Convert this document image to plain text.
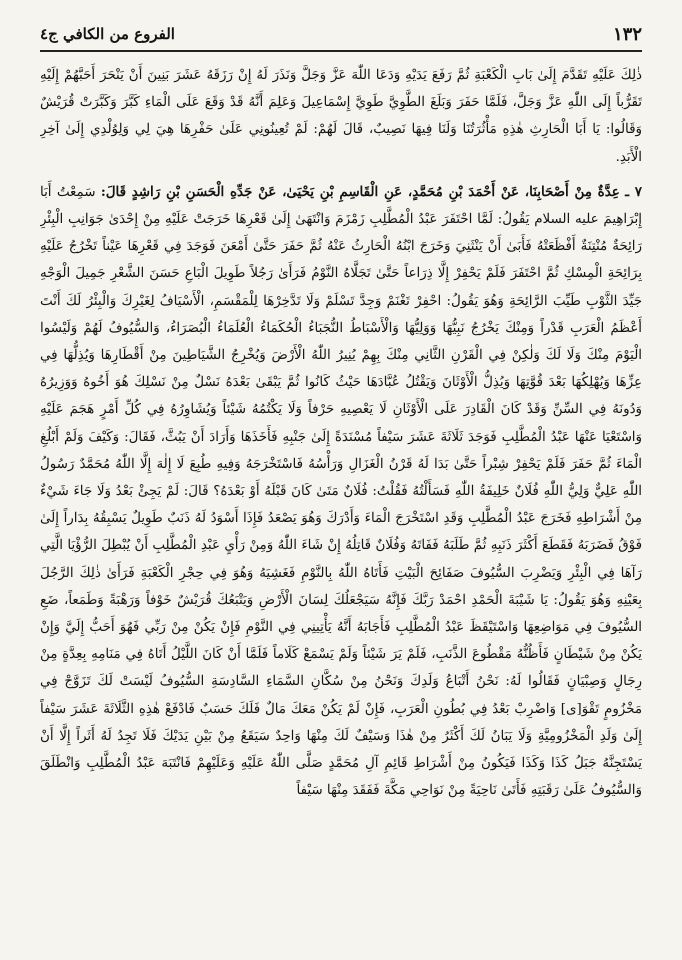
الفروع من الكافي ج٤	١٣٢

ذٰلِكَ عَلَيْهِ تَقَدَّمَ إِلَىٰ بَابِ الْكَعْبَةِ ثُمَّ رَفَعَ يَدَيْهِ وَدَعَا اللّٰهَ عَزَّ وَجَلَّ وَنَذَرَ لَهُ إِنْ رَزَقَهُ عَشَرَ بَنِينَ أَنْ يَنْحَرَ أَحَبَّهُمْ إِلَيْهِ تَقَرُّباً إِلَى اللّٰهِ عَزَّ وَجَلَّ، فَلَمَّا حَفَرَ وَبَلَغَ الطَّوِيَّ طَوِيَّ إِسْمَاعِيلَ وَعَلِمَ أَنَّهُ قَدْ وَقَعَ عَلَى الْمَاءِ كَبَّرَ وَكَبَّرَتْ قُرَيْشٌ وَقَالُوا: يَا أَبَا الْحَارِثِ هٰذِهِ مَأْثُرَتُنَا وَلَنَا فِيهَا نَصِيبٌ، قَالَ لَهُمْ: لَمْ تُعِينُونِي عَلَىٰ حَفْرِهَا هِيَ لِي وَلِوُلْدِي إِلَىٰ آخِرِ الْأَبَدِ.

٧ ـ عِدَّةٌ مِنْ أَصْحَابِنَا، عَنْ أَحْمَدَ بْنِ مُحَمَّدٍ، عَنِ الْقَاسِمِ بْنِ يَحْيَىٰ، عَنْ جَدِّهِ الْحَسَنِ بْنِ رَاشِدٍ قَالَ: سَمِعْتُ أَبَا إِبْرَاهِيمَ عليه السلام يَقُولُ: لَمَّا احْتَفَرَ عَبْدُ الْمُطَّلِبِ زَمْزَمَ وَانْتَهَىٰ إِلَىٰ قَعْرِهَا خَرَجَتْ عَلَيْهِ مِنْ إِحْدَىٰ جَوَانِبِ الْبِئْرِ رَائِحَةٌ مُنْتِنَةٌ أَفْظَعَتْهُ فَأَبَىٰ أَنْ يَنْثَنِيَ وَخَرَجَ ابْنُهُ الْحَارِثُ عَنْهُ ثُمَّ حَفَرَ حَتَّىٰ أَمْعَنَ فَوَجَدَ فِي قَعْرِهَا عَيْناً تَخْرُجُ عَلَيْهِ بِرَائِحَةِ الْمِسْكِ ثُمَّ احْتَفَرَ فَلَمْ يَحْفِرْ إِلَّا ذِرَاعاً حَتَّىٰ تَجَلَّاهُ النَّوْمُ فَرَأَىٰ رَجُلاً طَوِيلَ الْبَاعِ حَسَنَ الشَّعْرِ جَمِيلَ الْوَجْهِ جَيِّدَ الثَّوْبِ طَيِّبَ الرَّائِحَةِ وَهُوَ يَقُولُ: احْفِرْ تَغْنَمْ وَجِدَّ تَسْلَمْ وَلَا تَدَّخِرْهَا لِلْمَقْسَمِ، الْأَسْيَافُ لِغَيْرِكَ وَالْبِئْرُ لَكَ أَنْتَ أَعْظَمُ الْعَرَبِ قَدْراً وَمِنْكَ يَخْرُجُ نَبِيُّهَا وَوَلِيُّهَا وَالْأَسْبَاطُ النُّجَبَاءُ الْحُكَمَاءُ الْعُلَمَاءُ الْبُصَرَاءُ، وَالسُّيُوفُ لَهُمْ وَلَيْسُوا الْيَوْمَ مِنْكَ وَلَا لَكَ وَلٰكِنْ فِي الْقَرْنِ الثَّانِي مِنْكَ بِهِمْ يُنِيرُ اللّٰهُ الْأَرْضَ وَيُخْرِجُ الشَّيَاطِينَ مِنْ أَقْطَارِهَا وَيُذِلُّهَا فِي عِزِّهَا وَيُهْلِكُهَا بَعْدَ قُوَّتِهَا وَيُذِلُّ الْأَوْثَانَ وَيَقْتُلُ عُبَّادَهَا حَيْثُ كَانُوا ثُمَّ يَبْقَىٰ بَعْدَهُ نَسْلٌ مِنْ نَسْلِكَ هُوَ أَخُوهُ وَوَزِيرُهُ وَدُونَهُ فِي السِّنِّ وَقَدْ كَانَ الْقَادِرَ عَلَى الْأَوْثَانِ لَا يَعْصِيهِ حَرْفاً وَلَا يَكْتُمُهُ شَيْئاً وَيُشَاوِرُهُ فِي كُلِّ أَمْرٍ هَجَمَ عَلَيْهِ وَاسْتَعْيَا عَنْهَا عَبْدُ الْمُطَّلِبِ فَوَجَدَ ثَلَاثَةَ عَشَرَ سَيْفاً مُسْنَدَةً إِلَىٰ جَنْبِهِ فَأَخَذَهَا وَأَرَادَ أَنْ يَبُثَّ، فَقَالَ: وَكَيْفَ وَلَمْ أَبْلُغِ الْمَاءَ ثُمَّ حَفَرَ فَلَمْ يَحْفِرْ شِبْراً حَتَّىٰ بَدَا لَهُ قَرْنُ الْغَزَالِ وَرَأْسُهُ فَاسْتَخْرَجَهُ وَفِيهِ طُبِعَ لَا إِلٰهَ إِلَّا اللّٰهُ مُحَمَّدٌ رَسُولُ اللّٰهِ عَلِيٌّ وَلِيُّ اللّٰهِ فُلَانٌ خَلِيفَةُ اللّٰهِ فَسَأَلْتُهُ فَقُلْتُ: فُلَانٌ مَتَىٰ كَانَ قَبْلَهُ أَوْ بَعْدَهُ؟ قَالَ: لَمْ يَجِئْ بَعْدُ وَلَا جَاءَ شَيْءٌ مِنْ أَشْرَاطِهِ فَخَرَجَ عَبْدُ الْمُطَّلِبِ وَقَدِ اسْتَخْرَجَ الْمَاءَ وَأَدْرَكَ وَهُوَ يَصْعَدُ فَإِذَا أَسْوَدُ لَهُ ذَنَبٌ طَوِيلٌ يَسْبِقُهُ بِدَاراً إِلَىٰ فَوْقُ فَضَرَبَهُ فَقَطَعَ أَكْثَرَ ذَنَبِهِ ثُمَّ طَلَبَهُ فَفَاتَهُ وَفُلَانٌ قَاتِلُهُ إِنْ شَاءَ اللّٰهُ وَمِنْ رَأْيِ عَبْدِ الْمُطَّلِبِ أَنْ يُبْطِلَ الرُّؤْيَا الَّتِي رَآهَا فِي الْبِئْرِ وَيَضْرِبَ السُّيُوفَ صَفَائِحَ الْبَيْتِ فَأَتَاهُ اللّٰهُ بِالنَّوْمِ فَغَشِيَهُ وَهُوَ فِي حِجْرِ الْكَعْبَةِ فَرَأَىٰ ذٰلِكَ الرَّجُلَ بِعَيْنِهِ وَهُوَ يَقُولُ: يَا شَيْبَةَ الْحَمْدِ احْمَدْ رَبَّكَ فَإِنَّهُ سَيَجْعَلُكَ لِسَانَ الْأَرْضِ وَيَتْبَعُكَ قُرَيْشٌ خَوْفاً وَرَهْبَةً وَطَمَعاً، ضَعِ السُّيُوفَ فِي مَوَاضِعِهَا وَاسْتَيْقَظَ عَبْدُ الْمُطَّلِبِ فَأَجَابَهُ أَنَّهُ يَأْتِينِي فِي النَّوْمِ فَإِنْ يَكُنْ مِنْ رَبِّي فَهُوَ أَحَبُّ إِلَيَّ وَإِنْ يَكُنْ مِنْ شَيْطَانٍ فَأَظُنُّهُ مَقْطُوعَ الذَّنَبِ، فَلَمْ يَرَ شَيْئاً وَلَمْ يَسْمَعْ كَلَاماً فَلَمَّا أَنْ كَانَ اللَّيْلُ أَتَاهُ فِي مَنَامِهِ بِعِدَّةٍ مِنْ رِجَالٍ وَصِبْيَانٍ فَقَالُوا لَهُ: نَحْنُ أَتْبَاعُ وَلَدِكَ وَنَحْنُ مِنْ سُكَّانِ السَّمَاءِ السَّادِسَةِ السُّيُوفُ لَيْسَتْ لَكَ تَزَوَّجْ فِي مَخْزُومٍ تَقْوَ[ى] وَاضْرِبْ بَعْدُ فِي بُطُونِ الْعَرَبِ، فَإِنْ لَمْ يَكُنْ مَعَكَ مَالٌ فَلَكَ حَسَبٌ فَادْفَعْ هٰذِهِ الثَّلَاثَةَ عَشَرَ سَيْفاً إِلَىٰ وَلَدِ الْمَخْزُومِيَّةِ وَلَا يَبَانُ لَكَ أَكْثَرُ مِنْ هٰذَا وَسَيْفٌ لَكَ مِنْهَا وَاحِدٌ سَيَقَعُ مِنْ بَيْنِ يَدَيْكَ فَلَا تَجِدُ لَهُ أَثَراً إِلَّا أَنْ يَسْتَجِنَّهُ جَبَلُ كَذَا وَكَذَا فَيَكُونُ مِنْ أَشْرَاطِ قَائِمِ آلِ مُحَمَّدٍ صَلَّى اللّٰهُ عَلَيْهِ وَعَلَيْهِمْ فَانْتَبَهَ عَبْدُ الْمُطَّلِبِ وَانْطَلَقَ وَالسُّيُوفُ عَلَىٰ رَقَبَتِهِ فَأَتَىٰ نَاحِيَةً مِنْ نَوَاحِي مَكَّةَ فَفَقَدَ مِنْهَا سَيْفاً
